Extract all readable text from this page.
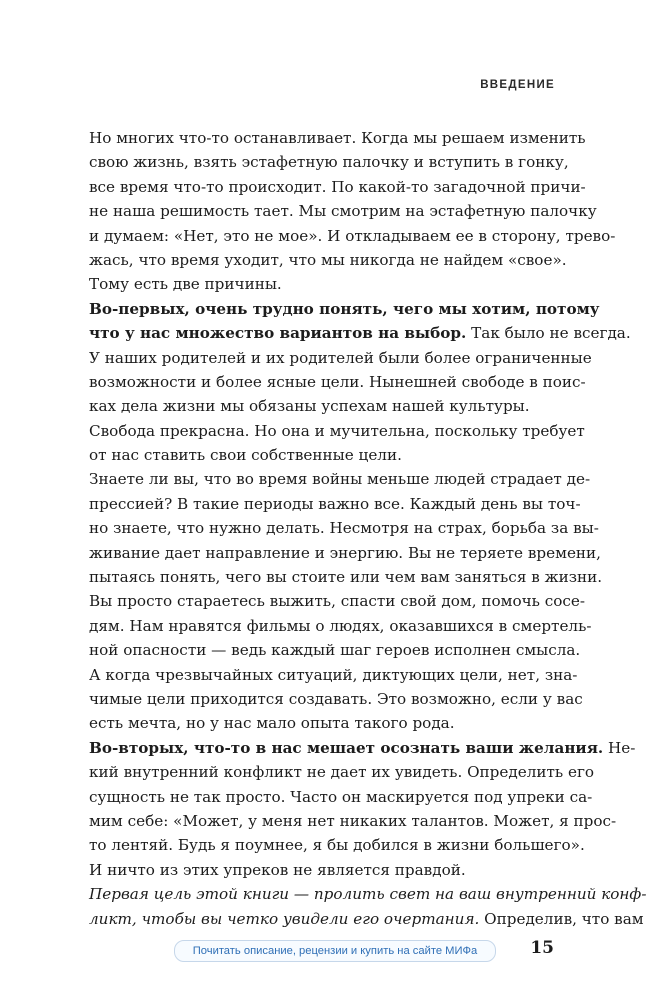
ВВЕДЕНИЕ
Но многих что-то останавливает. Когда мы решаем изменить
свою жизнь, взять эстафетную палочку и вступить в гонку,
все время что-то происходит. По какой-то загадочной причи-
не наша решимость тает. Мы смотрим на эстафетную палочку
и думаем: «Нет, это не мое». И откладываем ее в сторону, трево-
жась, что время уходит, что мы никогда не найдем «свое».
Тому есть две причины.
Во-первых, очень трудно понять, чего мы хотим, потому
что у нас множество вариантов на выбор. Так было не всегда.
У наших родителей и их родителей были более ограниченные
возможности и более ясные цели. Нынешней свободе в поис-
ках дела жизни мы обязаны успехам нашей культуры.
Свобода прекрасна. Но она и мучительна, поскольку требует
от нас ставить свои собственные цели.
Знаете ли вы, что во время войны меньше людей страдает де-
прессией? В такие периоды важно все. Каждый день вы точ-
но знаете, что нужно делать. Несмотря на страх, борьба за вы-
живание дает направление и энергию. Вы не теряете времени,
пытаясь понять, чего вы стоите или чем вам заняться в жизни.
Вы просто стараетесь выжить, спасти свой дом, помочь сосе-
дям. Нам нравятся фильмы о людях, оказавшихся в смертель-
ной опасности — ведь каждый шаг героев исполнен смысла.
А когда чрезвычайных ситуаций, диктующих цели, нет, зна-
чимые цели приходится создавать. Это возможно, если у вас
есть мечта, но у нас мало опыта такого рода.
Во-вторых, что-то в нас мешает осознать ваши желания. Не-
кий внутренний конфликт не дает их увидеть. Определить его
сущность не так просто. Часто он маскируется под упреки са-
мим себе: «Может, у меня нет никаких талантов. Может, я прос-
то лентяй. Будь я поумнее, я бы добился в жизни большего».
И ничто из этих упреков не является правдой.
Первая цель этой книги — пролить свет на ваш внутренний конф-
ликт, чтобы вы четко увидели его очертания. Определив, что вам
15
Почитать описание, рецензии и купить на сайте МИФа
